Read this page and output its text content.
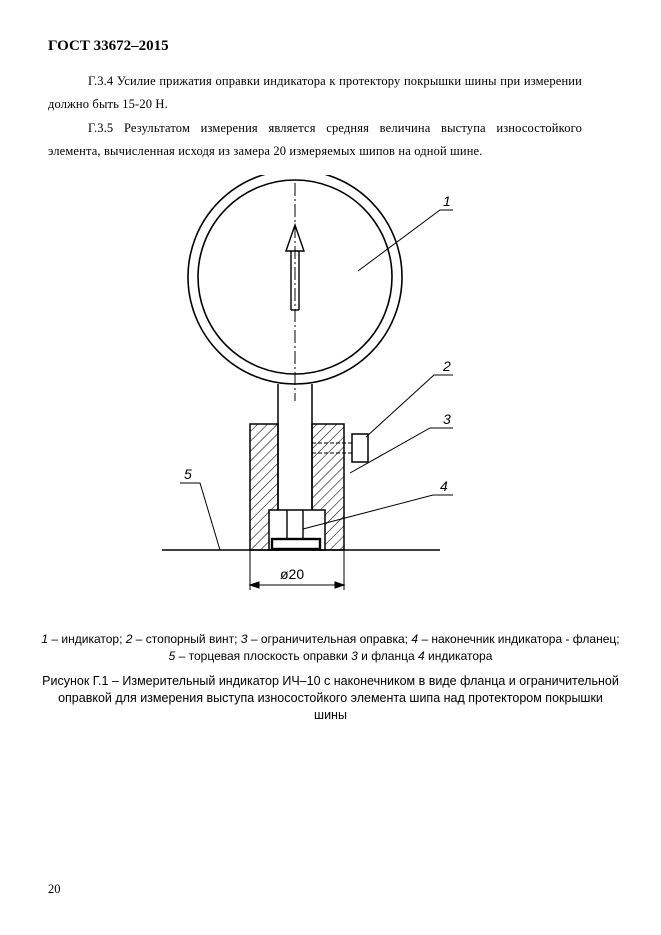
ГОСТ 33672–2015
Г.3.4 Усилие прижатия оправки индикатора к протектору покрышки шины при измерении должно быть 15-20 Н.
Г.3.5 Результатом измерения является средняя величина выступа износостойкого элемента, вычисленная исходя из замера 20 измеряемых шипов на одной шине.
ø20
1
2
3
4
5
1 – индикатор; 2 – стопорный винт; 3 – ограничительная оправка; 4 – наконечник индикатора - фланец; 5 – торцевая плоскость оправки 3 и фланца 4 индикатора
Рисунок Г.1 – Измерительный индикатор ИЧ–10 с наконечником в виде фланца и ограничительной оправкой для измерения выступа износостойкого элемента шипа над протектором покрышки шины
20
